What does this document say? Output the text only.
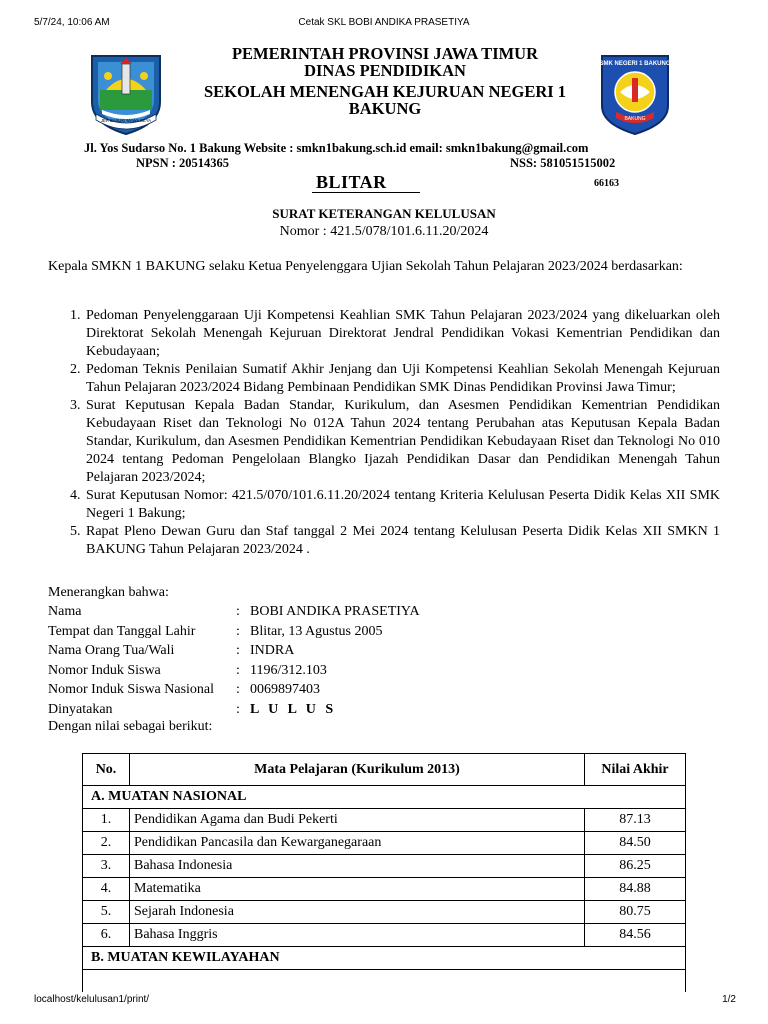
5/7/24, 10:06 AM	Cetak SKL BOBI ANDIKA PRASETIYA
JER BASUKI MAWA BEYA
SMK NEGERI 1 BAKUNG
BAKUNG
PEMERINTAH PROVINSI JAWA TIMUR
DINAS PENDIDIKAN
SEKOLAH MENENGAH KEJURUAN NEGERI 1
BAKUNG
Jl. Yos Sudarso No. 1 Bakung Website : smkn1bakung.sch.id email: smkn1bakung@gmail.com
NPSN : 20514365	NSS: 581051515002
BLITAR	66163
SURAT KETERANGAN KELULUSAN
Nomor : 421.5/078/101.6.11.20/2024
Kepala SMKN 1 BAKUNG selaku Ketua Penyelenggara Ujian Sekolah Tahun Pelajaran 2023/2024 berdasarkan:
1. Pedoman Penyelenggaraan Uji Kompetensi Keahlian SMK Tahun Pelajaran 2023/2024 yang dikeluarkan oleh Direktorat Sekolah Menengah Kejuruan Direktorat Jendral Pendidikan Vokasi Kementrian Pendidikan dan Kebudayaan;
2. Pedoman Teknis Penilaian Sumatif Akhir Jenjang dan Uji Kompetensi Keahlian Sekolah Menengah Kejuruan Tahun Pelajaran 2023/2024 Bidang Pembinaan Pendidikan SMK Dinas Pendidikan Provinsi Jawa Timur;
3. Surat Keputusan Kepala Badan Standar, Kurikulum, dan Asesmen Pendidikan Kementrian Pendidikan Kebudayaan Riset dan Teknologi No 012A Tahun 2024 tentang Perubahan atas Keputusan Kepala Badan Standar, Kurikulum, dan Asesmen Pendidikan Kementrian Pendidikan Kebudayaan Riset dan Teknologi No 010 2024 tentang Pedoman Pengelolaan Blangko Ijazah Pendidikan Dasar dan Pendidikan Menengah Tahun Pelajaran 2023/2024;
4. Surat Keputusan Nomor: 421.5/070/101.6.11.20/2024 tentang Kriteria Kelulusan Peserta Didik Kelas XII SMK Negeri 1 Bakung;
5. Rapat Pleno Dewan Guru dan Staf tanggal 2 Mei 2024 tentang Kelulusan Peserta Didik Kelas XII SMKN 1 BAKUNG Tahun Pelajaran 2023/2024 .
Menerangkan bahwa:
Nama	: BOBI ANDIKA PRASETIYA
Tempat dan Tanggal Lahir	: Blitar, 13 Agustus 2005
Nama Orang Tua/Wali	: INDRA
Nomor Induk Siswa	: 1196/312.103
Nomor Induk Siswa Nasional : 0069897403
Dinyatakan	: L U L U S
Dengan nilai sebagai berikut:
No.	Mata Pelajaran (Kurikulum 2013)	Nilai Akhir
A. MUATAN NASIONAL		
1.	Pendidikan Agama dan Budi Pekerti	87.13
2.	Pendidikan Pancasila dan Kewarganegaraan	84.50
3.	Bahasa Indonesia	86.25
4.	Matematika	84.88
5.	Sejarah Indonesia	80.75
6.	Bahasa Inggris	84.56
B. MUATAN KEWILAYAHAN		

localhost/kelulusan1/print/	1/2
